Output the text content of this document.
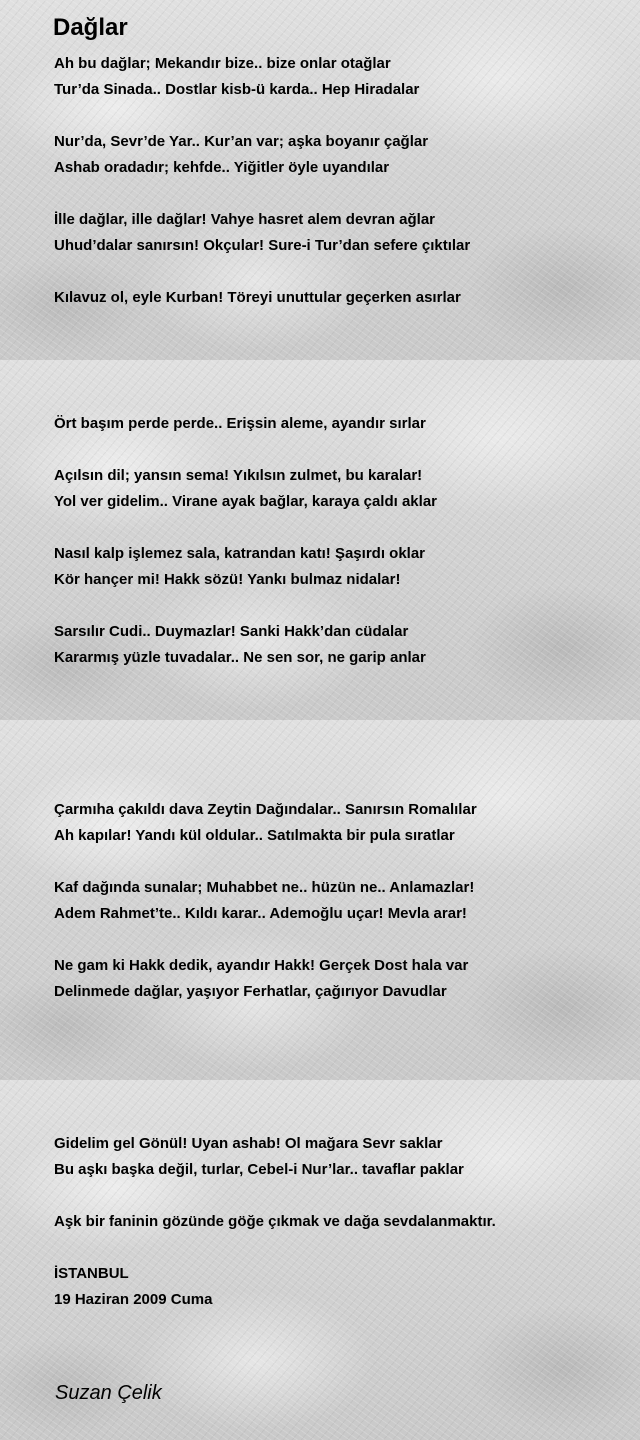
Dağlar
Ah bu dağlar; Mekandır bize.. bize onlar otağlar
Tur’da Sinada.. Dostlar kisb-ü karda.. Hep Hiradalar
Nur’da, Sevr’de Yar.. Kur’an var; aşka boyanır çağlar
Ashab oradadır; kehfde.. Yiğitler öyle uyandılar
İlle dağlar, ille dağlar! Vahye hasret alem devran ağlar
Uhud’dalar sanırsın! Okçular! Sure-i Tur’dan sefere çıktılar
Kılavuz ol, eyle Kurban! Töreyi unuttular geçerken asırlar
Ört başım perde perde.. Erişsin aleme, ayandır sırlar
Açılsın dil; yansın sema! Yıkılsın zulmet, bu karalar!
Yol ver gidelim.. Virane ayak bağlar, karaya çaldı aklar
Nasıl kalp işlemez sala, katrandan katı! Şaşırdı oklar
Kör hançer mi! Hakk sözü! Yankı bulmaz nidalar!
Sarsılır Cudi.. Duymazlar! Sanki Hakk’dan cüdalar
Kararmış yüzle tuvadalar.. Ne sen sor, ne garip anlar
Çarmıha çakıldı dava Zeytin Dağındalar.. Sanırsın Romalılar
Ah kapılar! Yandı kül oldular.. Satılmakta bir pula sıratlar
Kaf dağında sunalar; Muhabbet ne.. hüzün ne.. Anlamazlar!
Adem Rahmet’te.. Kıldı karar.. Ademoğlu uçar! Mevla arar!
Ne gam ki Hakk dedik, ayandır Hakk! Gerçek Dost hala var
Delinmede dağlar, yaşıyor Ferhatlar, çağırıyor Davudlar
Gidelim gel Gönül! Uyan ashab! Ol mağara Sevr saklar
Bu aşkı başka değil, turlar, Cebel-i Nur’lar.. tavaflar paklar
Aşk bir faninin gözünde göğe çıkmak ve dağa sevdalanmaktır.
İSTANBUL
19 Haziran 2009 Cuma
Suzan Çelik
